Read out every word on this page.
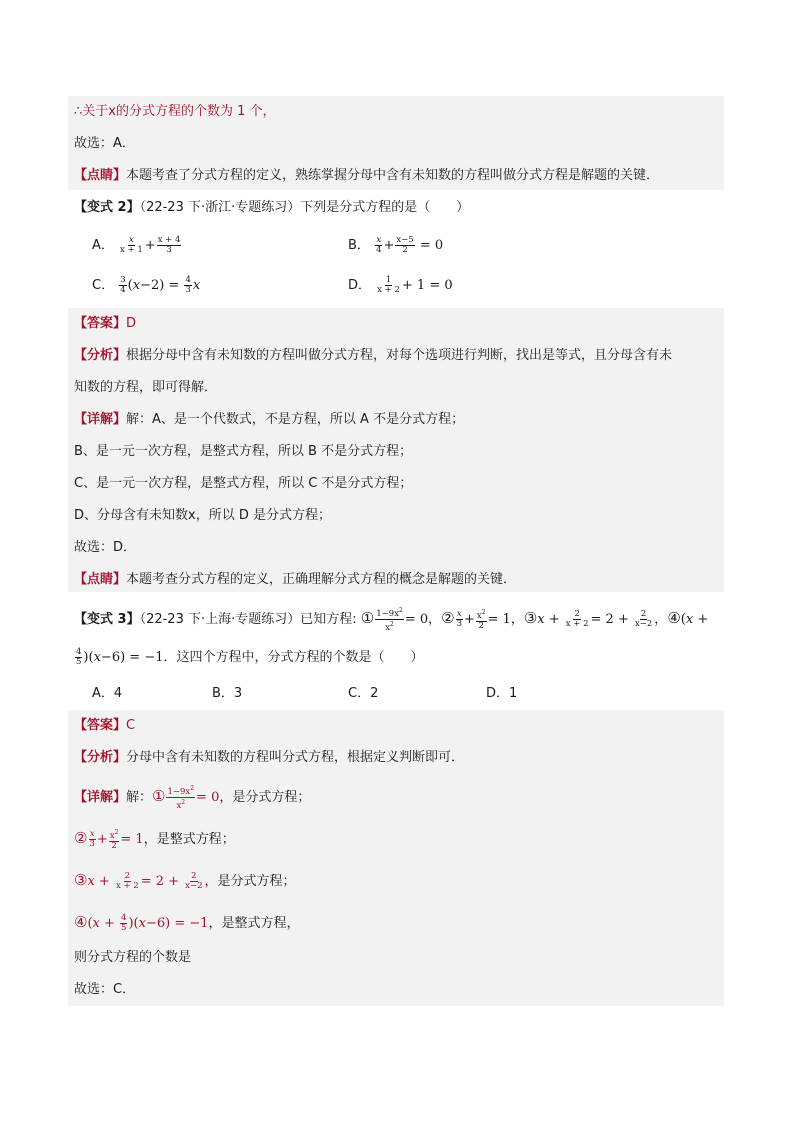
∴关于x的分式方程的个数为 1 个，
故选：A．
【点睛】本题考查了分式方程的定义，熟练掌握分母中含有未知数的方程叫做分式方程是解题的关键．
【变式 2】（22-23 下·浙江·专题练习）下列是分式方程的是（　　）
A． $\frac{x}{x + 1} + \frac{x + 4}{3}$	B． $\frac{x}{4} + \frac{x-5}{2} = 0$
C． $\frac{3}{4} (x-2) = \frac{4}{3}$ x	D． $\frac{1}{x + 2} + 1 = 0$
【答案】D
【分析】根据分母中含有未知数的方程叫做分式方程，对每个选项进行判断，找出是等式，且分母含有未
知数的方程，即可得解．
【详解】解：A、是一个代数式，不是方程，所以 A 不是分式方程；
B、是一元一次方程，是整式方程，所以 B 不是分式方程；
C、是一元一次方程，是整式方程，所以 C 不是分式方程；
D、分母含有未知数x，所以 D 是分式方程；
故选：D．
【点睛】本题考查分式方程的定义，正确理解分式方程的概念是解题的关键．
【变式 3】（22-23 下·上海·专题练习）已知方程: ① $\frac{1-9x^2}{x^2} = 0$，② $\frac{x}{3} + \frac{x^2}{2} = 1$，③x + $\frac{2}{x + 2} = 2 + \frac{2}{x-2}$ ，④(x +
$\frac{4}{5} )(x-6) = -1$．这四个方程中，分式方程的个数是（　　）
A．4	B．3	C．2	D．1
【答案】C
【分析】分母中含有未知数的方程叫分式方程，根据定义判断即可．
【详解】解：① $\frac{1-9x^2}{x^2} = 0$，是分式方程；
② $\frac{x}{3} + \frac{x^2}{2} = 1$，是整式方程；
③x + $\frac{2}{x + 2} = 2 + \frac{2}{x-2}$ ，是分式方程；
④(x + $\frac{4}{5} )(x-6) = -1$，是整式方程，
则分式方程的个数是
故选：C．
